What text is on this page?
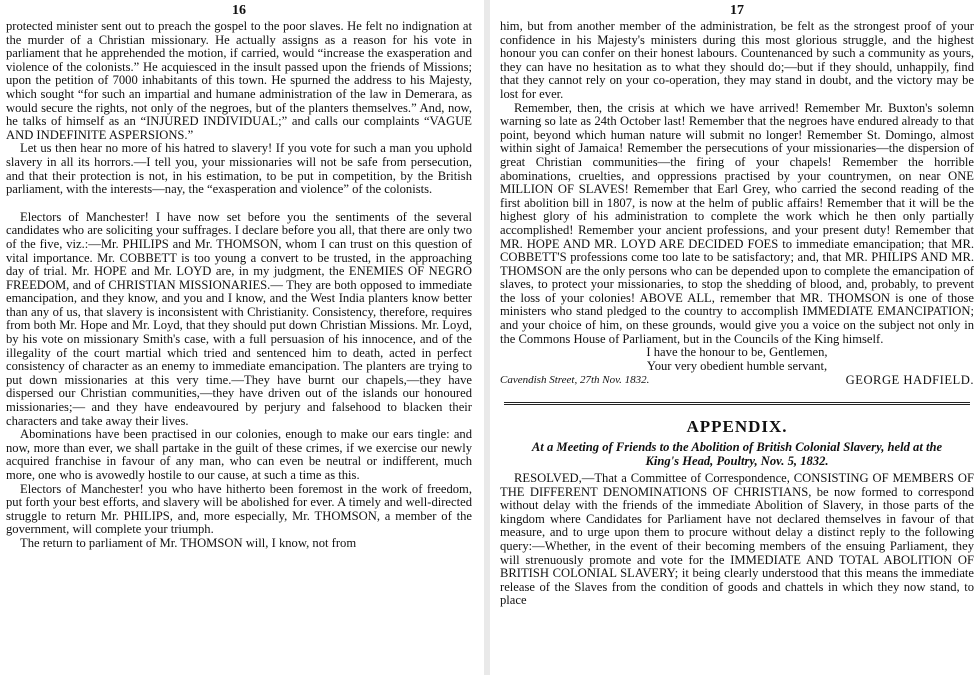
16

protected minister sent out to preach the gospel to the poor slaves. He felt no indignation at the murder of a Christian missionary. He actually assigns as a reason for his vote in parliament that he apprehended the motion, if carried, would “increase the exasperation and violence of the colonists.” He acquiesced in the insult passed upon the friends of Missions; upon the petition of 7000 inhabitants of this town. He spurned the address to his Majesty, which sought “for such an impartial and humane administration of the law in Demerara, as would secure the rights, not only of the negroes, but of the planters themselves.” And, now, he talks of himself as an “INJURED INDIVIDUAL;” and calls our complaints “VAGUE AND INDEFINITE ASPERSIONS.”

Let us then hear no more of his hatred to slavery! If you vote for such a man you uphold slavery in all its horrors.—I tell you, your missionaries will not be safe from persecution, and that their protection is not, in his estimation, to be put in competition, by the British parliament, with the interests—nay, the “exasperation and violence” of the colonists.

Electors of Manchester! I have now set before you the sentiments of the several candidates who are soliciting your suffrages. I declare before you all, that there are only two of the five, viz.:—Mr. PHILIPS and Mr. THOMSON, whom I can trust on this question of vital importance. Mr. COBBETT is too young a convert to be trusted, in the approaching day of trial. Mr. HOPE and Mr. LOYD are, in my judgment, the ENEMIES OF NEGRO FREEDOM, and of CHRISTIAN MISSIONARIES.— They are both opposed to immediate emancipation, and they know, and you and I know, and the West India planters know better than any of us, that slavery is inconsistent with Christianity. Consistency, therefore, requires from both Mr. Hope and Mr. Loyd, that they should put down Christian Missions. Mr. Loyd, by his vote on missionary Smith's case, with a full persuasion of his innocence, and of the illegality of the court martial which tried and sentenced him to death, acted in perfect consistency of character as an enemy to immediate emancipation. The planters are trying to put down missionaries at this very time.—They have burnt our chapels,—they have dispersed our Christian communities,—they have driven out of the islands our honoured missionaries;— and they have endeavoured by perjury and falsehood to blacken their characters and take away their lives.

Abominations have been practised in our colonies, enough to make our ears tingle: and now, more than ever, we shall partake in the guilt of these crimes, if we exercise our newly acquired franchise in favour of any man, who can even be neutral or indifferent, much more, one who is avowedly hostile to our cause, at such a time as this.

Electors of Manchester! you who have hitherto been foremost in the work of freedom, put forth your best efforts, and slavery will be abolished for ever. A timely and well-directed struggle to return Mr. PHILIPS, and, more especially, Mr. THOMSON, a member of the government, will complete your triumph.

The return to parliament of Mr. THOMSON will, I know, not from

17

him, but from another member of the administration, be felt as the strongest proof of your confidence in his Majesty's ministers during this most glorious struggle, and the highest honour you can confer on their honest labours. Countenanced by such a community as yours, they can have no hesitation as to what they should do;—but if they should, unhappily, find that they cannot rely on your co-operation, they may stand in doubt, and the victory may be lost for ever.

Remember, then, the crisis at which we have arrived! Remember Mr. Buxton's solemn warning so late as 24th October last! Remember that the negroes have endured already to that point, beyond which human nature will submit no longer! Remember St. Domingo, almost within sight of Jamaica! Remember the persecutions of your missionaries—the dispersion of great Christian communities—the firing of your chapels! Remember the horrible abominations, cruelties, and oppressions practised by your countrymen, on near ONE MILLION OF SLAVES! Remember that Earl Grey, who carried the second reading of the first abolition bill in 1807, is now at the helm of public affairs! Remember that it will be the highest glory of his administration to complete the work which he then only partially accomplished! Remember your ancient professions, and your present duty! Remember that MR. HOPE AND MR. LOYD ARE DECIDED FOES to immediate emancipation; that MR. COBBETT'S professions come too late to be satisfactory; and, that MR. PHILIPS AND MR. THOMSON are the only persons who can be depended upon to complete the emancipation of slaves, to protect your missionaries, to stop the shedding of blood, and, probably, to prevent the loss of your colonies! ABOVE ALL, remember that MR. THOMSON is one of those ministers who stand pledged to the country to accomplish IMMEDIATE EMANCIPATION; and your choice of him, on these grounds, would give you a voice on the subject not only in the Commons House of Parliament, but in the Councils of the King himself.

I have the honour to be, Gentlemen,
Your very obedient humble servant,
Cavendish Street, 27th Nov. 1832.	GEORGE HADFIELD.
APPENDIX.
At a Meeting of Friends to the Abolition of British Colonial Slavery, held at the King's Head, Poultry, Nov. 5, 1832.

RESOLVED,—That a Committee of Correspondence, CONSISTING OF MEMBERS OF THE DIFFERENT DENOMINATIONS OF CHRISTIANS, be now formed to correspond without delay with the friends of the immediate Abolition of Slavery, in those parts of the kingdom where Candidates for Parliament have not declared themselves in favour of that measure, and to urge upon them to procure without delay a distinct reply to the following query:—Whether, in the event of their becoming members of the ensuing Parliament, they will strenuously promote and vote for the IMMEDIATE AND TOTAL ABOLITION OF BRITISH COLONIAL SLAVERY; it being clearly understood that this means the immediate release of the Slaves from the condition of goods and chattels in which they now stand, to place
